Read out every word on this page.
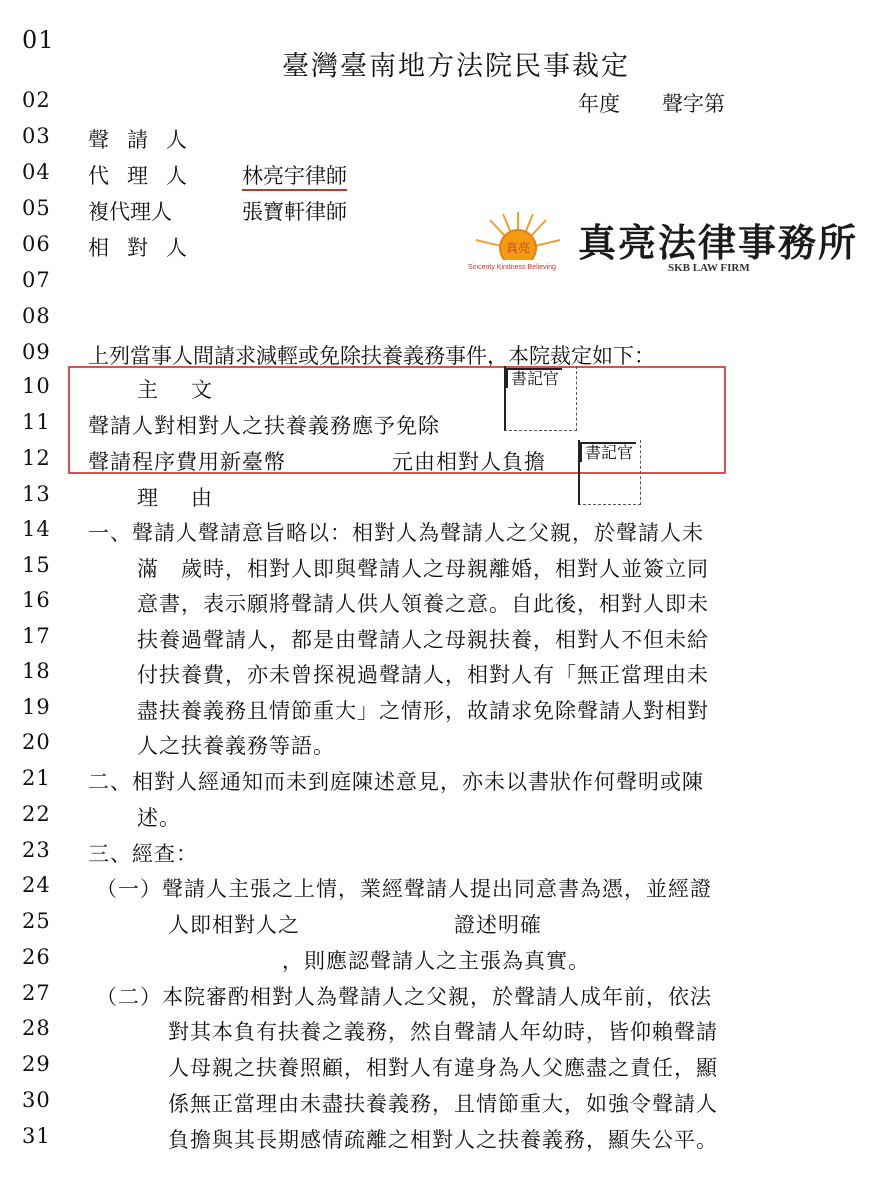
01
02
03
04
05
06
07
08
09
10
11
12
13
14
15
16
17
18
19
20
21
22
23
24
25
26
27
28
29
30
31
臺灣臺南地方法院民事裁定
年度　　聲字第
聲請人
代理人 林亮宇律師
複代理人	張寶軒律師
相對人	真亮
Sincerity Kindness Believing
真亮法律事務所
SKB LAW FIRM
上列當事人間請求減輕或免除扶養義務事件，本院裁定如下：
主　文
聲請人對相對人之扶養義務應予免除
聲請程序費用新臺幣	元由相對人負擔
書記官
書記官
理　由
一、聲請人聲請意旨略以：相對人為聲請人之父親，於聲請人未
滿　歲時，相對人即與聲請人之母親離婚，相對人並簽立同
意書，表示願將聲請人供人領養之意。自此後，相對人即未
扶養過聲請人，都是由聲請人之母親扶養，相對人不但未給
付扶養費，亦未曾探視過聲請人，相對人有「無正當理由未
盡扶養義務且情節重大」之情形，故請求免除聲請人對相對
人之扶養義務等語。
二、相對人經通知而未到庭陳述意見，亦未以書狀作何聲明或陳
述。
三、經查：
（一）聲請人主張之上情，業經聲請人提出同意書為憑，並經證
人即相對人之　　　　　　　證述明確
，則應認聲請人之主張為真實。
（二）本院審酌相對人為聲請人之父親，於聲請人成年前，依法
對其本負有扶養之義務，然自聲請人年幼時，皆仰賴聲請
人母親之扶養照顧，相對人有違身為人父應盡之責任，顯
係無正當理由未盡扶養義務，且情節重大，如強令聲請人
負擔與其長期感情疏離之相對人之扶養義務，顯失公平。
